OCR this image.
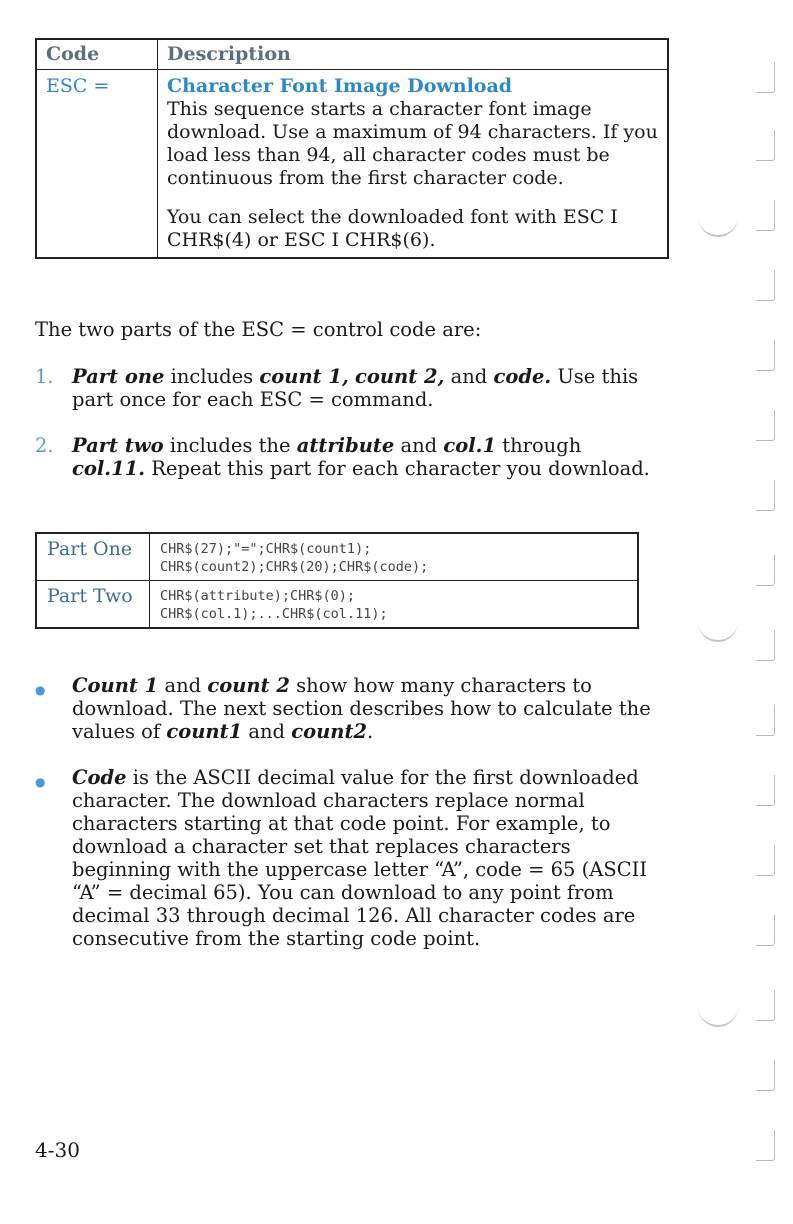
Code	Description
ESC =	Character Font Image Download

This sequence starts a character font image download. Use a maximum of 94 characters. If you load less than 94, all character codes must be continuous from the first character code.

You can select the downloaded font with ESC I CHR$(4) or ESC I CHR$(6).

The two parts of the ESC = control code are:
1. Part one includes count 1, count 2, and code. Use this part once for each ESC = command.
2. Part two includes the attribute and col.1 through col.11. Repeat this part for each character you download.
Part One	CHR$(27);"=";CHR$(count1);
CHR$(count2);CHR$(20);CHR$(code);

Part Two	CHR$(attribute);CHR$(0);
CHR$(col.1);...CHR$(col.11);
●	Count 1 and count 2 show how many characters to download. The next section describes how to calculate the values of count1 and count2.
●	Code is the ASCII decimal value for the first downloaded character. The download characters replace normal characters starting at that code point. For example, to download a character set that replaces characters beginning with the uppercase letter “A”, code = 65 (ASCII “A” = decimal 65). You can download to any point from decimal 33 through decimal 126. All character codes are consecutive from the starting code point.
4-30
